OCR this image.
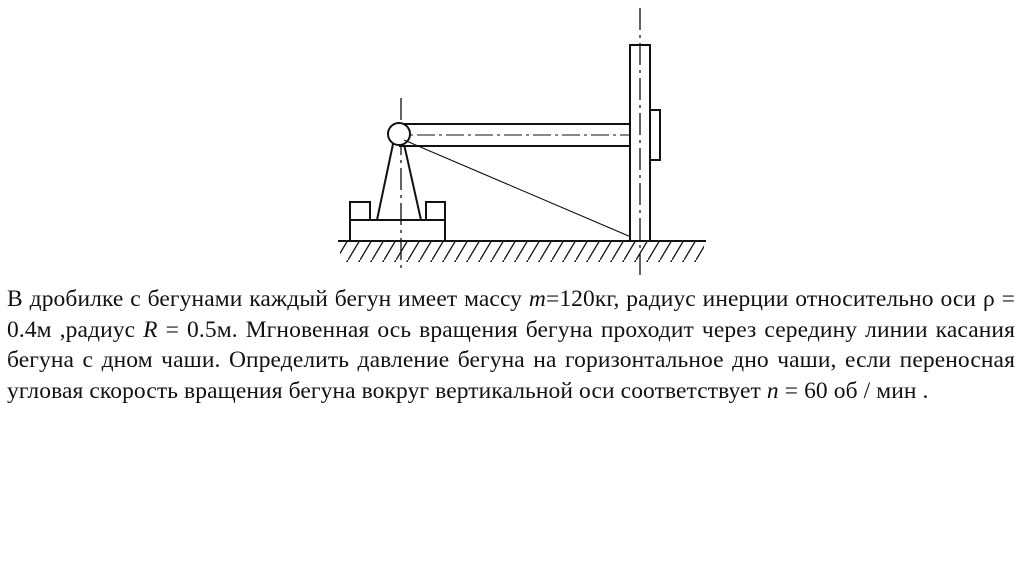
В дробилке с бегунами каждый бегун имеет массу m=120кг, радиус инерции относительно оси ρ = 0.4м ,радиус R = 0.5м. Мгновенная ось вращения бегуна проходит через середину линии касания бегуна с дном чаши. Определить давление бегуна на горизонтальное дно чаши, если переносная угловая скорость вращения бегуна вокруг вертикальной оси соответствует n = 60 об / мин .
